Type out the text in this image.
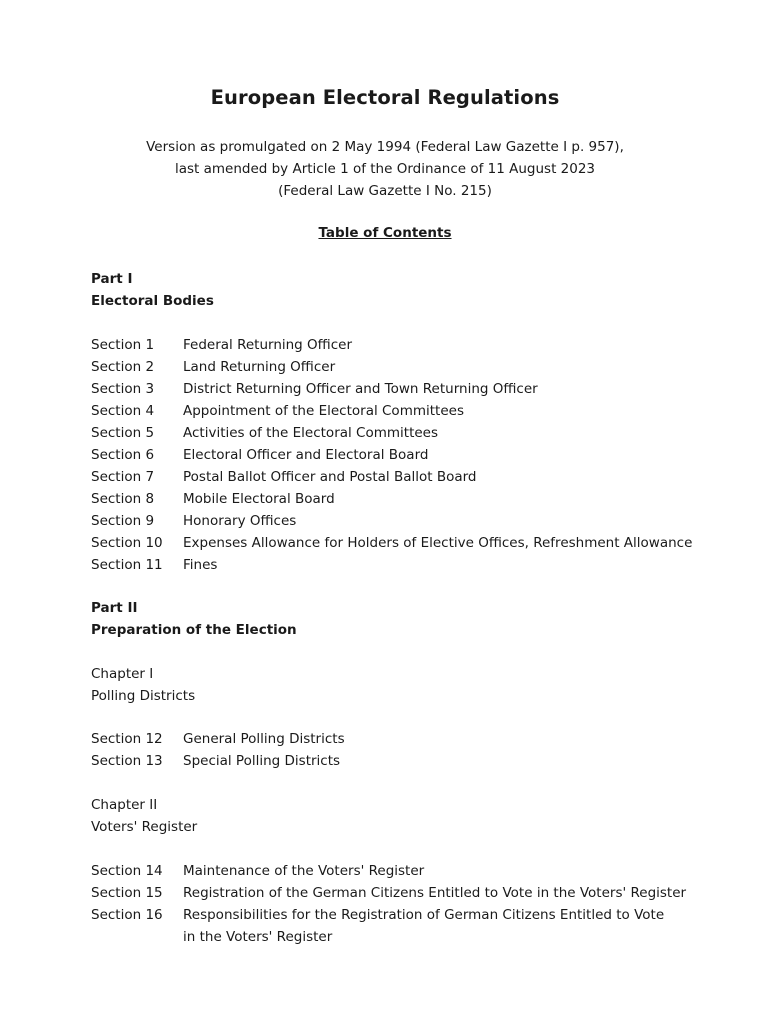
European Electoral Regulations
Version as promulgated on 2 May 1994 (Federal Law Gazette I p. 957),
last amended by Article 1 of the Ordinance of 11 August 2023
(Federal Law Gazette I No. 215)
Table of Contents
Part I
Electoral Bodies
Section 1 Federal Returning Officer
Section 2 Land Returning Officer
Section 3 District Returning Officer and Town Returning Officer
Section 4 Appointment of the Electoral Committees
Section 5 Activities of the Electoral Committees
Section 6 Electoral Officer and Electoral Board
Section 7 Postal Ballot Officer and Postal Ballot Board
Section 8 Mobile Electoral Board
Section 9 Honorary Offices
Section 10 Expenses Allowance for Holders of Elective Offices, Refreshment Allowance
Section 11 Fines
Part II
Preparation of the Election
Chapter I
Polling Districts
Section 12 General Polling Districts
Section 13 Special Polling Districts
Chapter II
Voters' Register
Section 14 Maintenance of the Voters' Register
Section 15 Registration of the German Citizens Entitled to Vote in the Voters' Register
Section 16 Responsibilities for the Registration of German Citizens Entitled to Vote
in the Voters' Register
